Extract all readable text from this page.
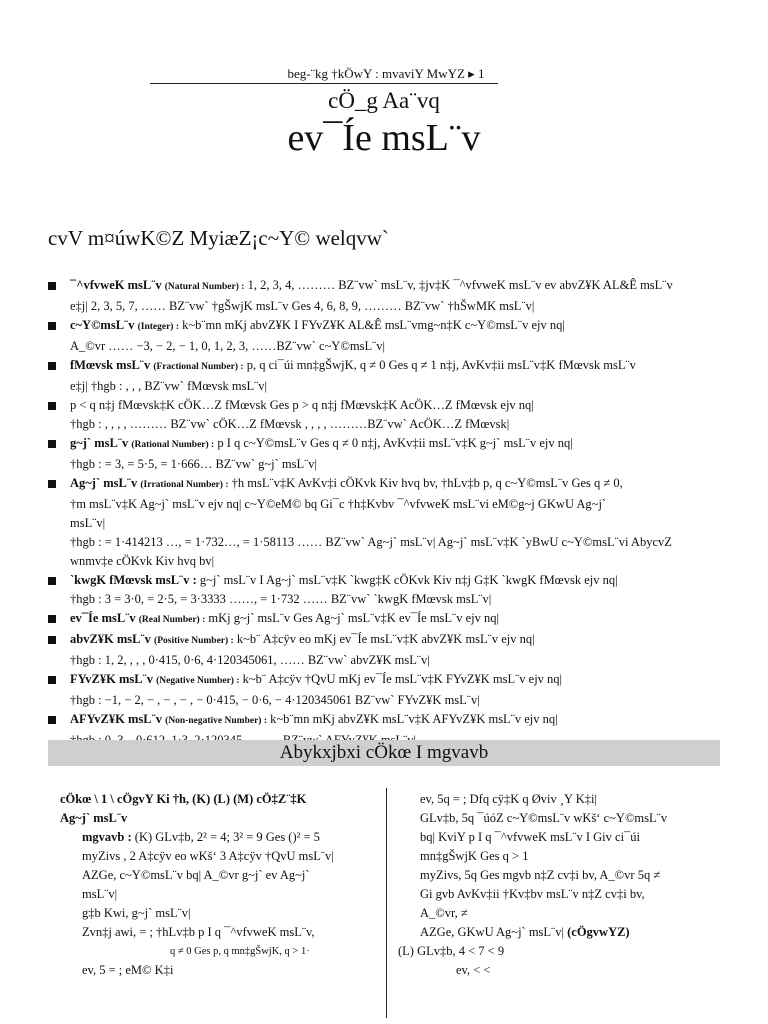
beg-¨kg †kÖwY : mvaviY MwYZ ▸ 1
cÖ_g Aa¨vq
ev¯Íe msL¨v
cvV m¤úwK©Z MyiæZ¡c~Y© welqvw`
¯^vfvweK msL¨v (Natural Number) : 1, 2, 3, 4, ……… BZ¨vw` msL¨v, ‡jv‡K ¯^vfvweK msL¨v ev abvZ¥K AL&Ê msL¨v
e‡j| 2, 3, 5, 7, …… BZ¨vw` †gŠwjK msL¨v Ges 4, 6, 8, 9, ……… BZ¨vw` †hŠwMK msL¨v|
c~Y©msL¨v (Integer) : k~b¨mn mKj abvZ¥K I FYvZ¥K AL&Ê msL¨vmg~n‡K c~Y©msL¨v ejv nq|
A_©vr …… −3, − 2, − 1, 0, 1, 2, 3, ……BZ¨vw` c~Y©msL¨v|
fMœvsk msL¨v (Fractional Number) : p, q ci¯úi mn‡gŠwjK, q ≠ 0 Ges q ≠ 1 n‡j, AvKv‡ii msL¨v‡K fMœvsk msL¨v
e‡j| †hgb : , , , BZ¨vw` fMœvsk msL¨v|
p < q n‡j fMœvsk‡K cÖK…Z fMœvsk Ges p > q n‡j fMœvsk‡K AcÖK…Z fMœvsk ejv nq|
†hgb : , , , , ……… BZ¨vw` cÖK…Z fMœvsk , , , , ………BZ¨vw` AcÖK…Z fMœvsk|
g~j` msL¨v (Rational Number) : p I q c~Y©msL¨v Ges q ≠ 0 n‡j, AvKv‡ii msL¨v‡K g~j` msL¨v ejv nq|
†hgb : = 3, = 5·5, = 1·666… BZ¨vw` g~j` msL¨v|
Ag~j` msL¨v (Irrational Number) : †h msL¨v‡K AvKv‡i cÖKvk Kiv hvq bv, †hLv‡b p, q c~Y©msL¨v Ges q ≠ 0,
†m msL¨v‡K Ag~j` msL¨v ejv nq| c~Y©eM© bq Gi¯c †h‡Kvbv ¯^vfvweK msL¨vi eM©g~j GKwU Ag~j`
msL¨v|
†hgb : = 1·414213 …, = 1·732…, = 1·58113 …… BZ¨vw` Ag~j` msL¨v| Ag~j` msL¨v‡K `yBwU c~Y©msL¨vi AbycvZ
wnmv‡e cÖKvk Kiv hvq bv|
`kwgK fMœvsk msL¨v : g~j` msL¨v I Ag~j` msL¨v‡K `kwg‡K cÖKvk Kiv n‡j G‡K `kwgK fMœvsk ejv nq|
†hgb : 3 = 3·0, = 2·5, = 3·3333 ……, = 1·732 …… BZ¨vw` `kwgK fMœvsk msL¨v|
ev¯Íe msL¨v (Real Number) : mKj g~j` msL¨v Ges Ag~j` msL¨v‡K ev¯Íe msL¨v ejv nq|
abvZ¥K msL¨v (Positive Number) : k~b¨ A‡cÿv eo mKj ev¯Íe msL¨v‡K abvZ¥K msL¨v ejv nq|
†hgb : 1, 2, , , , 0·415, 0·6, 4·120345061, …… BZ¨vw` abvZ¥K msL¨v|
FYvZ¥K msL¨v (Negative Number) : k~b¨ A‡cÿv †QvU mKj ev¯Íe msL¨v‡K FYvZ¥K msL¨v ejv nq|
†hgb : −1, − 2, − , − , − , − 0·415, − 0·6, − 4·120345061 BZ¨vw` FYvZ¥K msL¨v|
AFYvZ¥K msL¨v (Non-negative Number) : k~b¨mn mKj abvZ¥K msL¨v‡K AFYvZ¥K msL¨v ejv nq|
Abykxjbxi cÖkœ I mgvavb
cÖkœ \ 1 \ cÖgvY Ki †h, (K) (L) (M) cÖ‡Z¨‡K
Ag~j` msL¨v
mgvavb : (K) GLv‡b, 2² = 4; 3² = 9 Ges ()² = 5
myZivs , 2 A‡cÿv eo wKš‘ 3 A‡cÿv †QvU msL¨v|
AZGe, c~Y©msL¨v bq| A_©vr g~j` ev Ag~j`
msL¨v|
g‡b Kwi, g~j` msL¨v|
Zvn‡j awi, = ; †hLv‡b p I q ¯^vfvweK msL¨v,
q ≠ 0 Ges p, q mn‡gŠwjK, q > 1·
ev, 5 = ; eM© K‡i
ev, 5q = ; Dfq cÿ‡K q Øviv ¸Y K‡i|
GLv‡b, 5q ¯úóZ c~Y©msL¨v wKš‘ c~Y©msL¨v
bq| KviY p I q ¯^vfvweK msL¨v I Giv ci¯úi
mn‡gŠwjK Ges q > 1
myZivs, 5q Ges mgvb n‡Z cv‡i bv, A_©vr 5q ≠
Gi gvb AvKv‡ii †Kv‡bv msL¨v n‡Z cv‡i bv,
A_©vr, ≠
AZGe, GKwU Ag~j` msL¨v| (cÖgvwYZ)
(L) GLv‡b, 4 < 7 < 9
ev, < <
